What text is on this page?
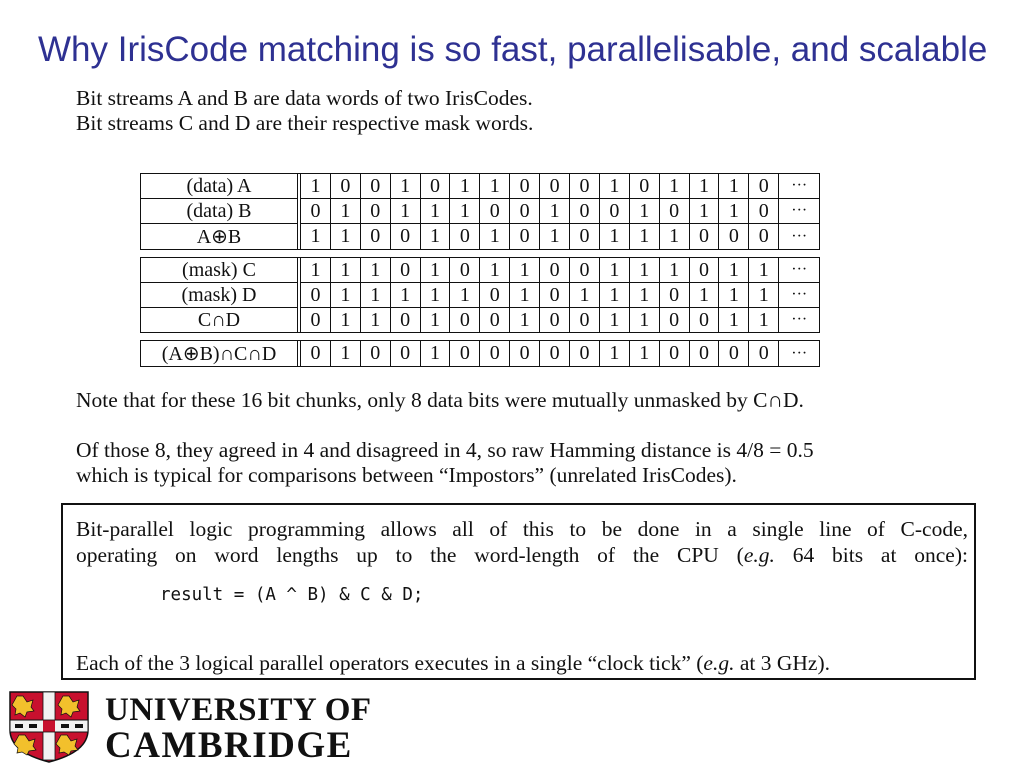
Why IrisCode matching is so fast, parallelisable, and scalable
Bit streams A and B are data words of two IrisCodes.
Bit streams C and D are their respective mask words.
(data) A	1	0	0	1	0	1	1	0	0	0	1	0	1	1	1	0	···
(data) B	0	1	0	1	1	1	0	0	1	0	0	1	0	1	1	0	···
A⊕B	1	1	0	0	1	0	1	0	1	0	1	1	1	0	0	0	···

(mask) C	1	1	1	0	1	0	1	1	0	0	1	1	1	0	1	1	···
(mask) D	0	1	1	1	1	1	0	1	0	1	1	1	0	1	1	1	···
C∩D	0	1	1	0	1	0	0	1	0	0	1	1	0	0	1	1	···

(A⊕B)∩C∩D	0	1	0	0	1	0	0	0	0	0	1	1	0	0	0	0	···

Note that for these 16 bit chunks, only 8 data bits were mutually unmasked by C∩D.
Of those 8, they agreed in 4 and disagreed in 4, so raw Hamming distance is 4/8 = 0.5
which is typical for comparisons between “Impostors” (unrelated IrisCodes).
Bit-parallel logic programming allows all of this to be done in a single line of C-code,
operating on word lengths up to the word-length of the CPU (e.g. 64 bits at once):
result = (A ^ B) & C & D;
Each of the 3 logical parallel operators executes in a single “clock tick” (e.g. at 3 GHz).
UNIVERSITY OF
CAMBRIDGE
